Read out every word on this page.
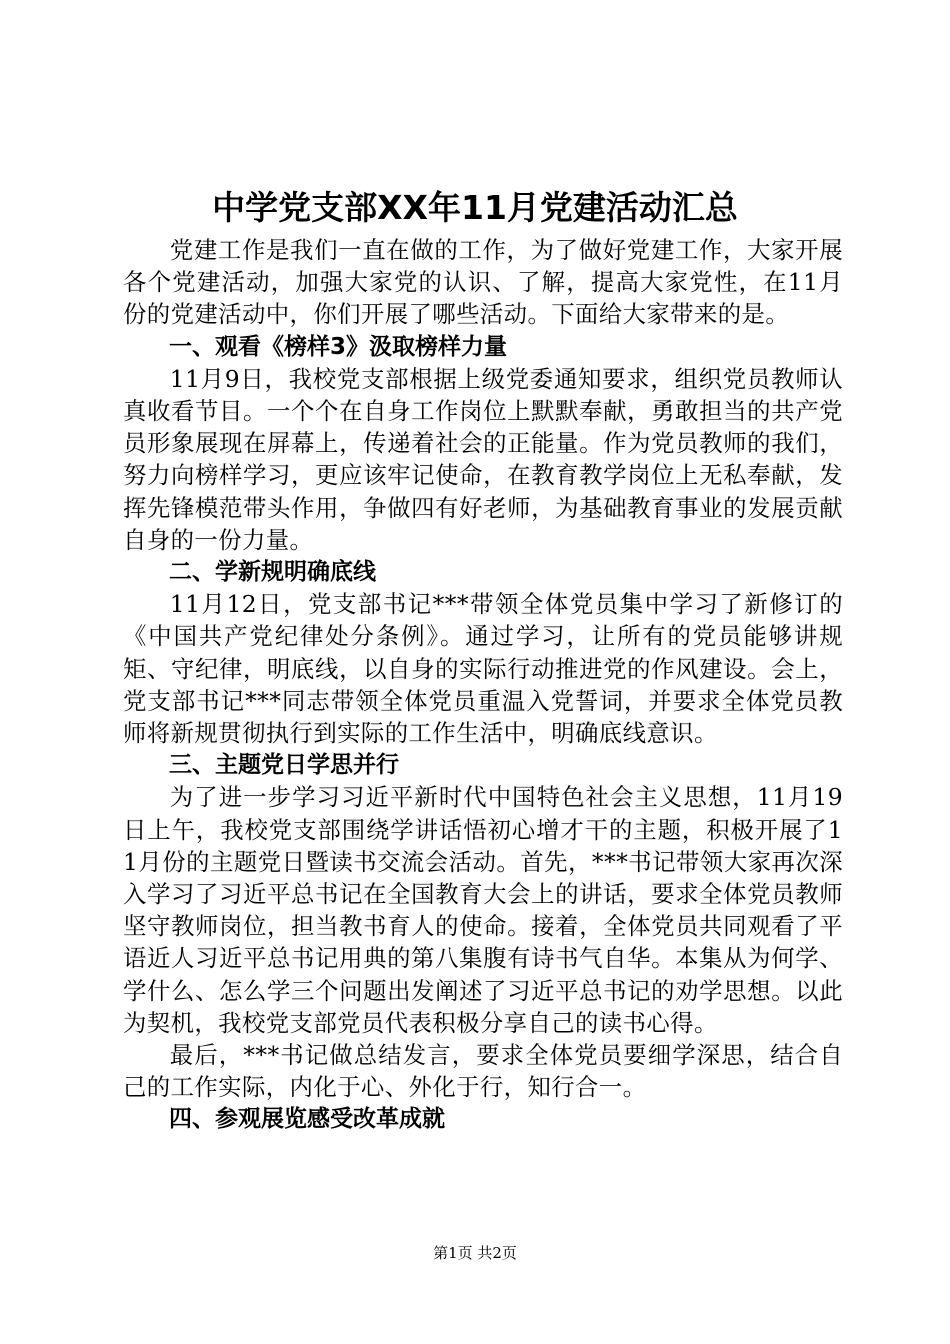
中学党支部XX年11月党建活动汇总

党建工作是我们一直在做的工作，为了做好党建工作，大家开展各个党建活动，加强大家党的认识、了解，提高大家党性，在11月份的党建活动中，你们开展了哪些活动。下面给大家带来的是。

一、观看《榜样3》汲取榜样力量

11月9日，我校党支部根据上级党委通知要求，组织党员教师认真收看节目。一个个在自身工作岗位上默默奉献，勇敢担当的共产党员形象展现在屏幕上，传递着社会的正能量。作为党员教师的我们，努力向榜样学习，更应该牢记使命，在教育教学岗位上无私奉献，发挥先锋模范带头作用，争做四有好老师，为基础教育事业的发展贡献自身的一份力量。

二、学新规明确底线

11月12日，党支部书记***带领全体党员集中学习了新修订的《中国共产党纪律处分条例》。通过学习，让所有的党员能够讲规矩、守纪律，明底线，以自身的实际行动推进党的作风建设。会上，党支部书记***同志带领全体党员重温入党誓词，并要求全体党员教师将新规贯彻执行到实际的工作生活中，明确底线意识。

三、主题党日学思并行

为了进一步学习习近平新时代中国特色社会主义思想，11月19日上午，我校党支部围绕学讲话悟初心增才干的主题，积极开展了11月份的主题党日暨读书交流会活动。首先，***书记带领大家再次深入学习了习近平总书记在全国教育大会上的讲话，要求全体党员教师坚守教师岗位，担当教书育人的使命。接着，全体党员共同观看了平语近人习近平总书记用典的第八集腹有诗书气自华。本集从为何学、学什么、怎么学三个问题出发阐述了习近平总书记的劝学思想。以此为契机，我校党支部党员代表积极分享自己的读书心得。

最后，***书记做总结发言，要求全体党员要细学深思，结合自己的工作实际，内化于心、外化于行，知行合一。

四、参观展览感受改革成就

第1页 共2页
